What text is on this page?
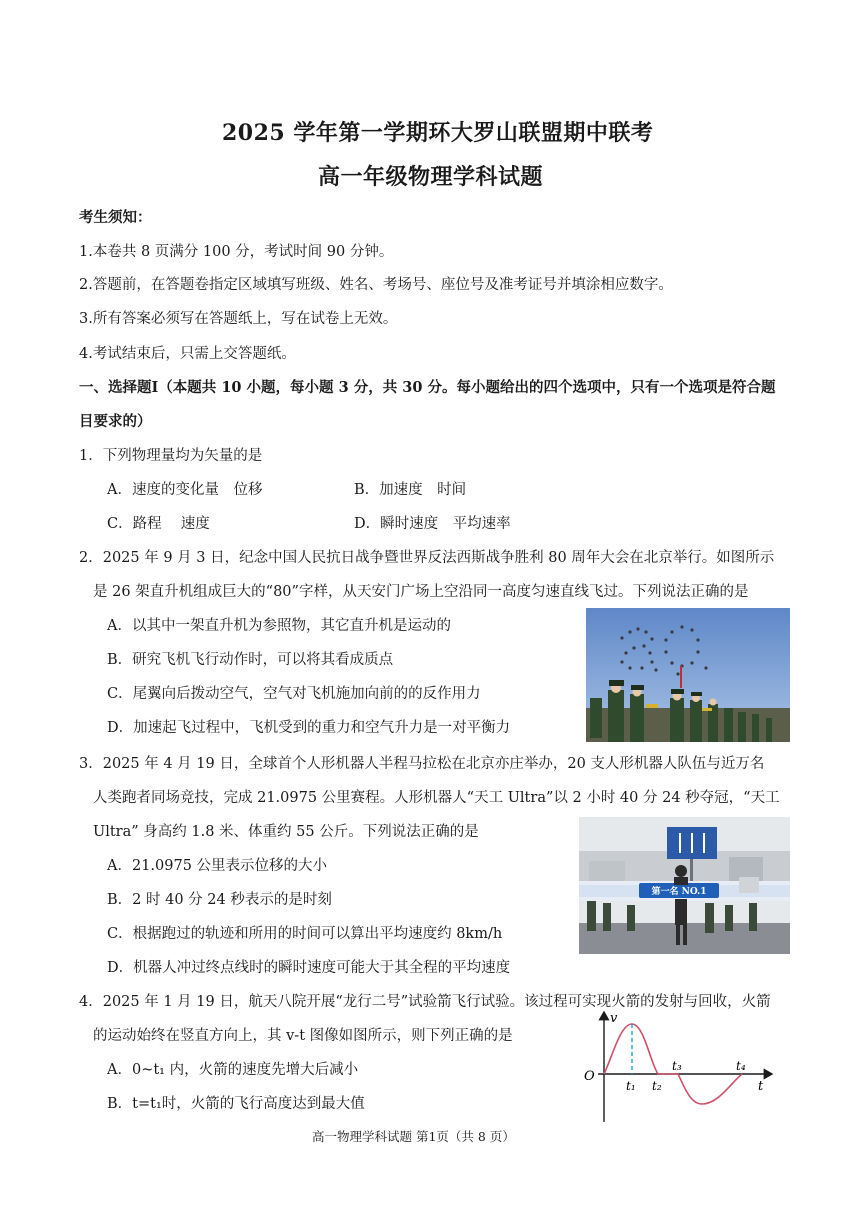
2025 学年第一学期环大罗山联盟期中联考
高一年级物理学科试题
考生须知：
1.本卷共 8 页满分 100 分，考试时间 90 分钟。
2.答题前，在答题卷指定区域填写班级、姓名、考场号、座位号及准考证号并填涂相应数字。
3.所有答案必须写在答题纸上，写在试卷上无效。
4.考试结束后，只需上交答题纸。
一、选择题Ⅰ（本题共 10 小题，每小题 3 分，共 30 分。每小题给出的四个选项中，只有一个选项是符合题
目要求的）
1．下列物理量均为矢量的是
A．速度的变化量　位移	B．加速度　时间
C．路程　 速度	D．瞬时速度　平均速率
2．2025 年 9 月 3 日，纪念中国人民抗日战争暨世界反法西斯战争胜利 80 周年大会在北京举行。如图所示
是 26 架直升机组成巨大的“80”字样，从天安门广场上空沿同一高度匀速直线飞过。下列说法正确的是
A．以其中一架直升机为参照物，其它直升机是运动的
B．研究飞机飞行动作时，可以将其看成质点
C．尾翼向后拨动空气，空气对飞机施加向前的的反作用力
D．加速起飞过程中，飞机受到的重力和空气升力是一对平衡力
3．2025 年 4 月 19 日，全球首个人形机器人半程马拉松在北京亦庄举办，20 支人形机器人队伍与近万名
人类跑者同场竞技，完成 21.0975 公里赛程。人形机器人“天工 Ultra”以 2 小时 40 分 24 秒夺冠，“天工
Ultra” 身高约 1.8 米、体重约 55 公斤。下列说法正确的是
A．21.0975 公里表示位移的大小
B．2 时 40 分 24 秒表示的是时刻
C．根据跑过的轨迹和所用的时间可以算出平均速度约 8km/h
D．机器人冲过终点线时的瞬时速度可能大于其全程的平均速度
第一名 NO.1
4．2025 年 1 月 19 日，航天八院开展“龙行二号”试验箭飞行试验。该过程可实现火箭的发射与回收，火箭
的运动始终在竖直方向上，其 v-t 图像如图所示，则下列正确的是
A．0~t₁ 内，火箭的速度先增大后减小
B．t=t₁时，火箭的飞行高度达到最大值
v
t
O
t₁ t₂
t₃	t₄
高一物理学科试题 第1页（共 8 页）
